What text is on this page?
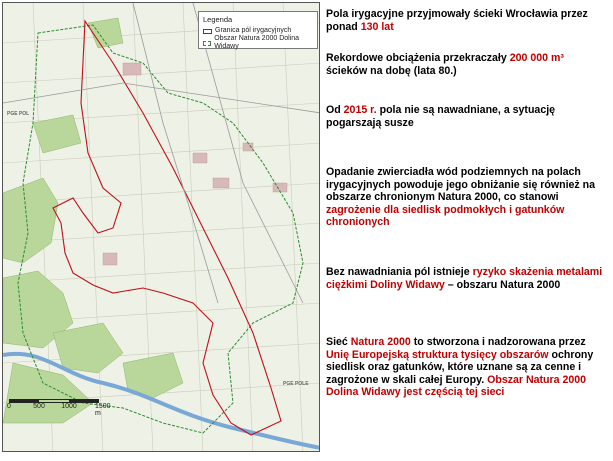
PGE POL
PGE POLE
Legenda
Granica pól irygacyjnych
Obszar Natura 2000 Dolina Widawy
0	500 1000	1500 m

Pola irygacyjne przyjmowały ścieki Wrocławia przez ponad 130 lat

Rekordowe obciążenia przekraczały 200 000 m³ ścieków na dobę (lata 80.)

Od 2015 r. pola nie są nawadniane, a sytuację pogarszają susze

Opadanie zwierciadła wód podziemnych na polach irygacyjnych powoduje jego obniżanie się również na obszarze chronionym Natura 2000, co stanowi zagrożenie dla siedlisk podmokłych i gatunków chronionych

Bez nawadniania pól istnieje ryzyko skażenia metalami ciężkimi Doliny Widawy – obszaru Natura 2000

Sieć Natura 2000 to stworzona i nadzorowana przez Unię Europejską struktura tysięcy obszarów ochrony siedlisk oraz gatunków, które uznane są za cenne i zagrożone w skali całej Europy. Obszar Natura 2000 Dolina Widawy jest częścią tej sieci
